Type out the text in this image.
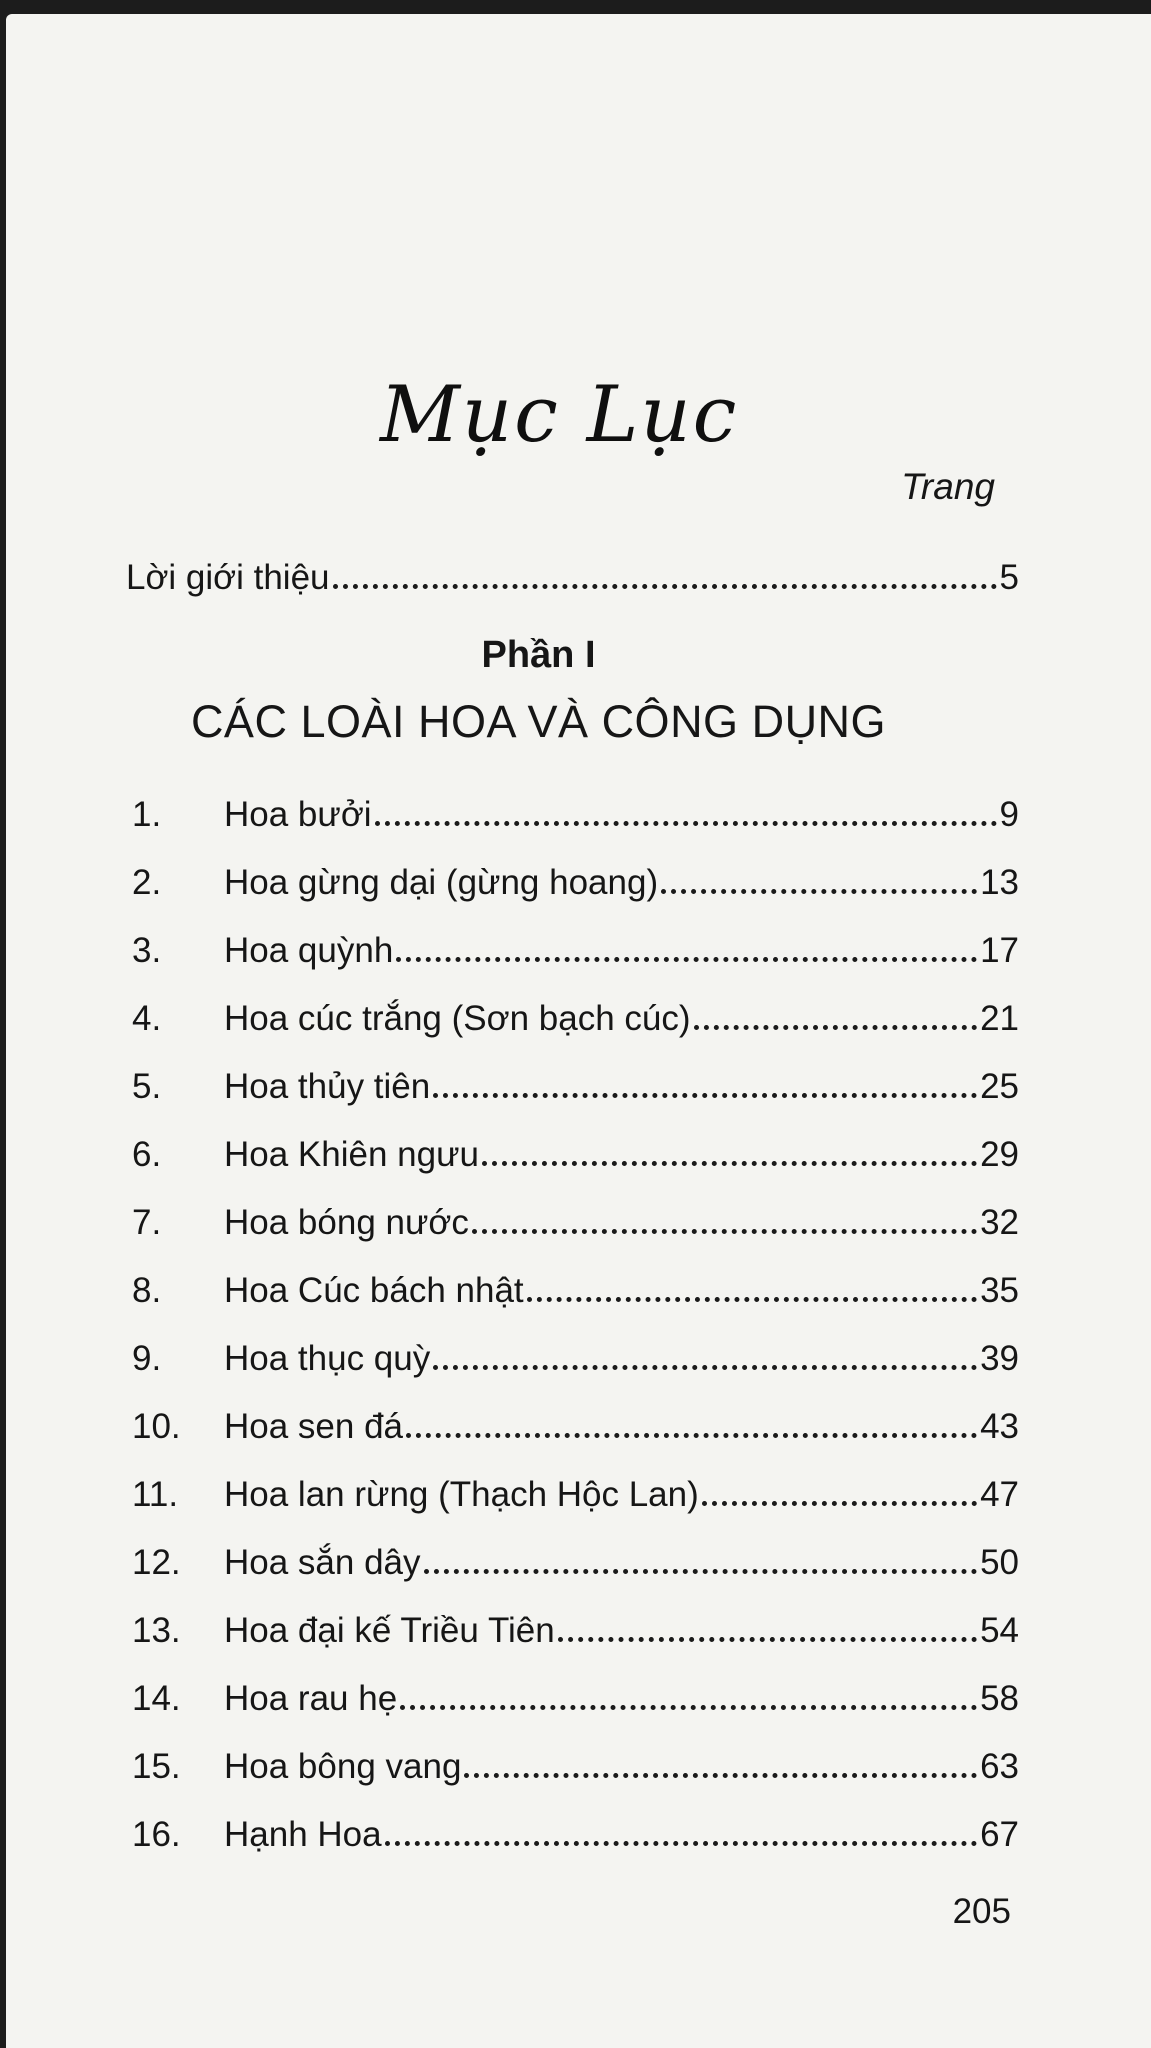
Mục Lục
Trang
Lời giới thiệu	5
Phần I
CÁC LOÀI HOA VÀ CÔNG DỤNG
1.	Hoa bưởi	9
2.	Hoa gừng dại (gừng hoang)	13
3.	Hoa quỳnh	17
4.	Hoa cúc trắng (Sơn bạch cúc)	21
5.	Hoa thủy tiên	25
6.	Hoa Khiên ngưu	29
7.	Hoa bóng nước	32
8.	Hoa Cúc bách nhật	35
9.	Hoa thục quỳ	39
10.	Hoa sen đá	43
11.	Hoa lan rừng (Thạch Hộc Lan)	47
12.	Hoa sắn dây	50
13.	Hoa đại kế Triều Tiên	54
14.	Hoa rau hẹ	58
15.	Hoa bông vang	63
16.	Hạnh Hoa	67
205
